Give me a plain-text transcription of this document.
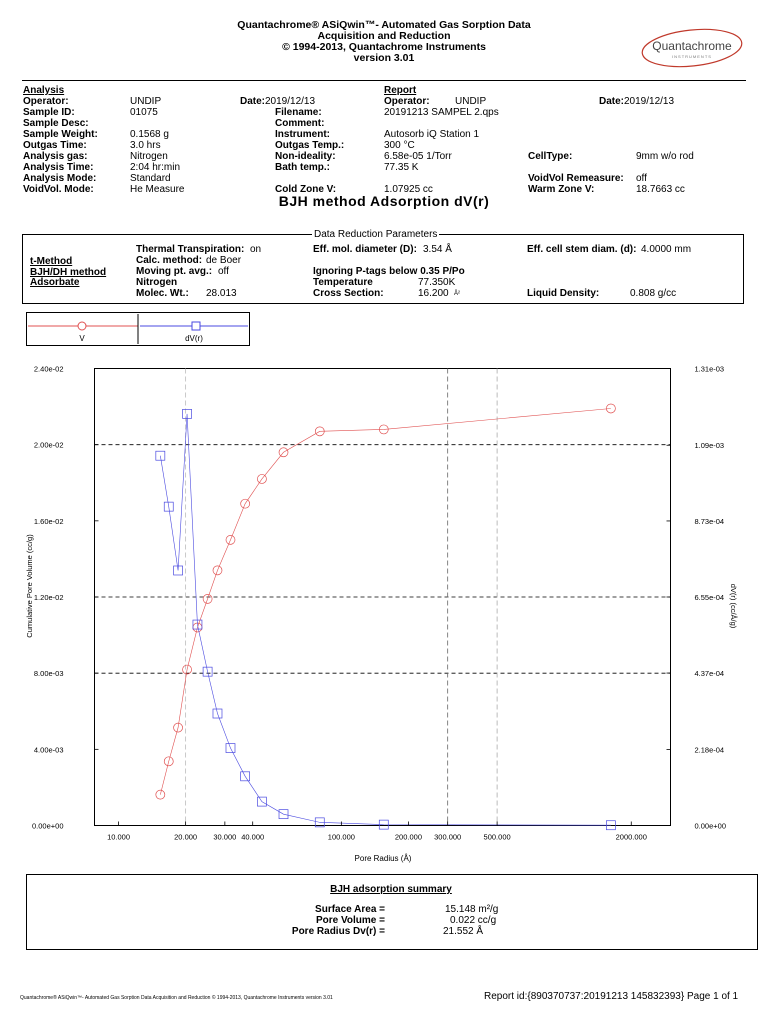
Quantachrome® ASiQwin™- Automated Gas Sorption Data
Acquisition and Reduction
© 1994-2013, Quantachrome Instruments
version 3.01
Quantachrome
INSTRUMENTS
Analysis
Operator:	UNDIP	Date: 2019/12/13
Sample ID:	01075
Sample Desc:
Sample Weight:	0.1568 g
Outgas Time:	3.0 hrs
Analysis gas:	Nitrogen
Analysis Time:	2:04 hr:min
Analysis Mode:	Standard
VoidVol. Mode:	He Measure
Report
Operator:	UNDIP	Date: 2019/12/13
Filename:	20191213 SAMPEL 2.qps
Comment:
Instrument:	Autosorb iQ Station 1
Outgas Temp.:	300 °C
Non-ideality:	6.58e-05 1/Torr	CellType:	9mm w/o rod
Bath temp.:	77.35 K
VoidVol Remeasure: off
Cold Zone V:	1.07925 cc	Warm Zone V:	18.7663 cc
BJH method Adsorption dV(r)
Data Reduction Parameters
Thermal Transpiration: on	Eff. mol. diameter (D): 3.54 Å	Eff. cell stem diam. (d): 4.0000 mm
t-Method	Calc. method: de Boer
BJH/DH method	Moving pt. avg.: off	Ignoring P-tags below 0.35 P/Po
Adsorbate	Nitrogen	Temperature	77.350K
Molec. Wt.: 28.013	Cross Section:	16.200 Å²	Liquid Density:	0.808 g/cc
V	dV(r)
10.000	20.000 30.000 40.000	100.000	200.000 300.000	500.000	2000.000
0.00e+00
4.00e-03
8.00e-03
1.20e-02
1.60e-02
2.00e-02
2.40e-02
0.00e+00
2.18e-04
4.37e-04
6.55e-04
8.73e-04
1.09e-03
1.31e-03
Pore Radius (Å)
Cumulative Pore Volume (cc/g)	dV(r) (cc/Å/g)
BJH adsorption summary
Surface Area =	15.148 m²/g
Pore Volume =	0.022 cc/g
Pore Radius Dv(r) =	21.552 Å
Quantachrome® ASiQwin™- Automated Gas Sorption Data Acquisition and Reduction © 1994-2013, Quantachrome Instruments version 3.01	Report id:{890370737:20191213 145832393} Page 1 of 1
